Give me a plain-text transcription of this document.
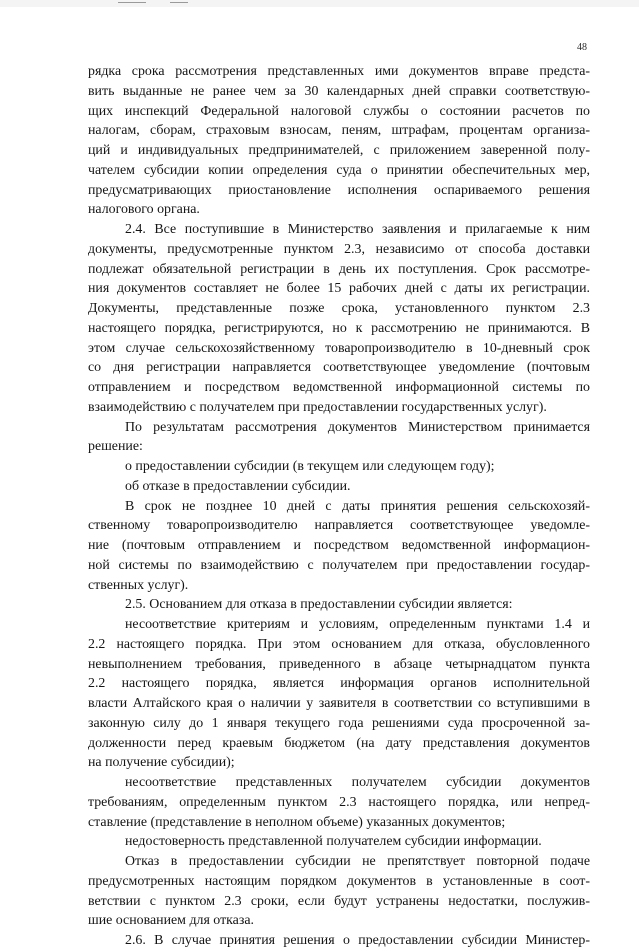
48

рядка срока рассмотрения представленных ими документов вправе предста-
вить выданные не ранее чем за 30 календарных дней справки соответствую-
щих инспекций Федеральной налоговой службы о состоянии расчетов по
налогам, сборам, страховым взносам, пеням, штрафам, процентам организа-
ций и индивидуальных предпринимателей, с приложением заверенной полу-
чателем субсидии копии определения суда о принятии обеспечительных мер,
предусматривающих приостановление исполнения оспариваемого решения
налогового органа.

2.4. Все поступившие в Министерство заявления и прилагаемые к ним
документы, предусмотренные пунктом 2.3, независимо от способа доставки
подлежат обязательной регистрации в день их поступления. Срок рассмотре-
ния документов составляет не более 15 рабочих дней с даты их регистрации.
Документы, представленные позже срока, установленного пунктом 2.3
настоящего порядка, регистрируются, но к рассмотрению не принимаются. В
этом случае сельскохозяйственному товаропроизводителю в 10-дневный срок
со дня регистрации направляется соответствующее уведомление (почтовым
отправлением и посредством ведомственной информационной системы по
взаимодействию с получателем при предоставлении государственных услуг).

По результатам рассмотрения документов Министерством принимается
решение:

о предоставлении субсидии (в текущем или следующем году);

об отказе в предоставлении субсидии.

В срок не позднее 10 дней с даты принятия решения сельскохозяй-
ственному товаропроизводителю направляется соответствующее уведомле-
ние (почтовым отправлением и посредством ведомственной информацион-
ной системы по взаимодействию с получателем при предоставлении государ-
ственных услуг).

2.5. Основанием для отказа в предоставлении субсидии является:

несоответствие критериям и условиям, определенным пунктами 1.4 и
2.2 настоящего порядка. При этом основанием для отказа, обусловленного
невыполнением требования, приведенного в абзаце четырнадцатом пункта
2.2 настоящего порядка, является информация органов исполнительной
власти Алтайского края о наличии у заявителя в соответствии со вступившими в
законную силу до 1 января текущего года решениями суда просроченной за-
долженности перед краевым бюджетом (на дату представления документов
на получение субсидии);

несоответствие представленных получателем субсидии документов
требованиям, определенным пунктом 2.3 настоящего порядка, или непред-
ставление (представление в неполном объеме) указанных документов;

недостоверность представленной получателем субсидии информации.

Отказ в предоставлении субсидии не препятствует повторной подаче
предусмотренных настоящим порядком документов в установленные в соот-
ветствии с пунктом 2.3 сроки, если будут устранены недостатки, послужив-
шие основанием для отказа.

2.6. В случае принятия решения о предоставлении субсидии Министер-
